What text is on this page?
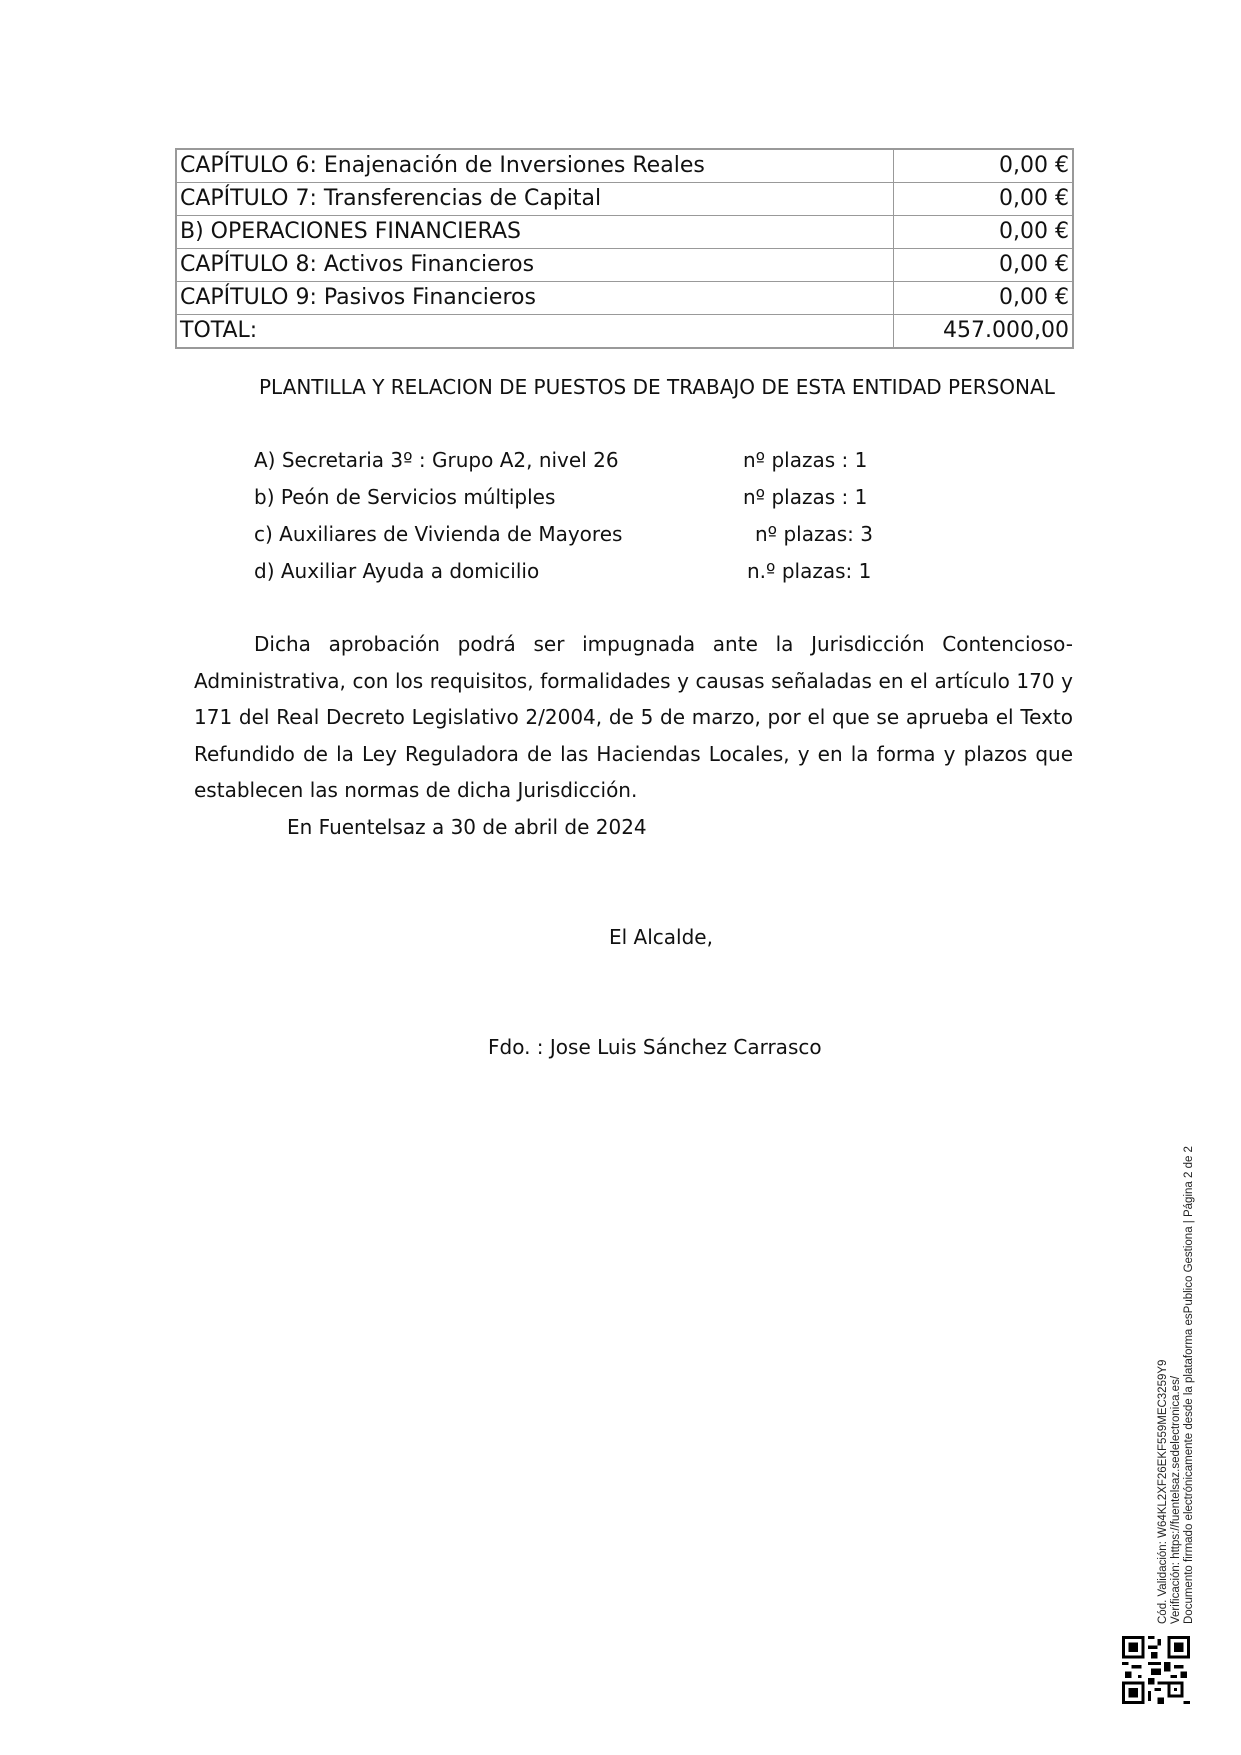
CAPÍTULO 6: Enajenación de Inversiones Reales	0,00 €
CAPÍTULO 7: Transferencias de Capital	0,00 €
B) OPERACIONES FINANCIERAS	0,00 €
CAPÍTULO 8: Activos Financieros	0,00 €
CAPÍTULO 9: Pasivos Financieros	0,00 €
TOTAL:	457.000,00
PLANTILLA Y RELACION DE PUESTOS DE TRABAJO DE ESTA ENTIDAD PERSONAL
A) Secretaria 3º : Grupo A2, nivel 26	nº plazas : 1
b) Peón de Servicios múltiples	nº plazas : 1
c) Auxiliares de Vivienda de Mayores	nº plazas: 3
d) Auxiliar Ayuda a domicilio	n.º plazas: 1
Dicha aprobación podrá ser impugnada ante la Jurisdicción Contencioso-Administrativa, con los requisitos, formalidades y causas señaladas en el artículo 170 y 171 del Real Decreto Legislativo 2/2004, de 5 de marzo, por el que se aprueba el Texto Refundido de la Ley Reguladora de las Haciendas Locales, y en la forma y plazos que establecen las normas de dicha Jurisdicción.
En Fuentelsaz a 30 de abril de 2024
El Alcalde,
Fdo. : Jose Luis Sánchez Carrasco
Cód. Validación: W64KL2XF26EKF559MEC3259Y9 Verificación: https://fuentelsaz.sedelectronica.es/ Documento firmado electrónicamente desde la plataforma esPublico Gestiona | Página 2 de 2
